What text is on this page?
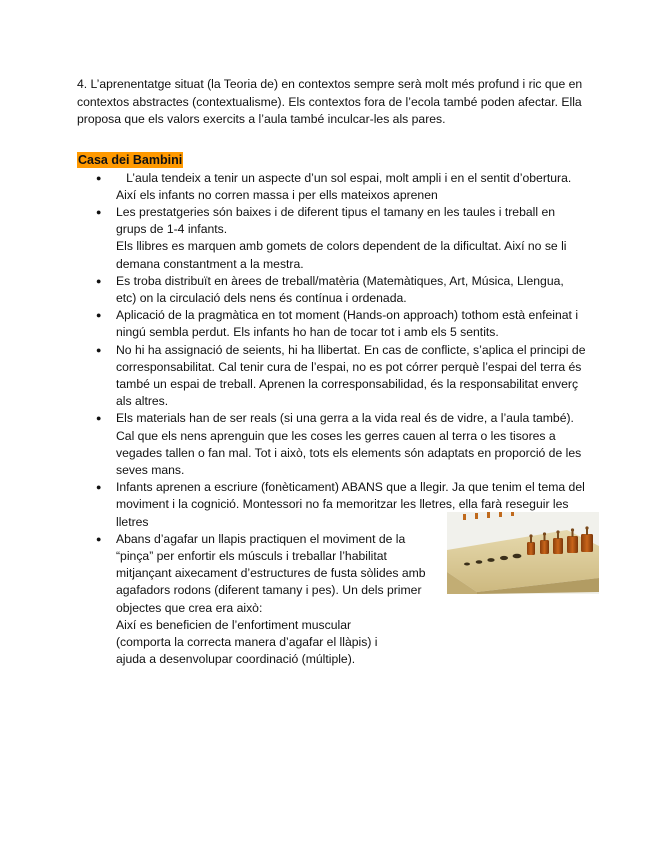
4. L’aprenentatge situat (la Teoria de) en contextos sempre serà molt més profund i ric que en contextos abstractes (contextualisme). Els contextos fora de l’ecola també poden afectar. Ella proposa que els valors exercits a l’aula també inculcar-les als pares.

Casa dei Bambini
● L’aula tendeix a tenir un aspecte d’un sol espai, molt ampli i en el sentit d’obertura. Així els infants no corren massa i per ells mateixos aprenen
● Les prestatgeries són baixes i de diferent tipus el tamany en les taules i treball en grups de 1-4 infants.
Els llibres es marquen amb gomets de colors dependent de la dificultat. Així no se li demana constantment a la mestra.
● Es troba distribuït en àrees de treball/matèria (Matemàtiques, Art, Música, Llengua, etc) on la circulació dels nens és contínua i ordenada.
● Aplicació de la pragmàtica en tot moment (Hands-on approach) tothom està enfeinat i ningú sembla perdut. Els infants ho han de tocar tot i amb els 5 sentits.
● No hi ha assignació de seients, hi ha llibertat. En cas de conflicte, s’aplica el principi de corresponsabilitat. Cal tenir cura de l’espai, no es pot córrer perquè l’espai del terra és també un espai de treball. Aprenen la corresponsabilidad, és la responsabilitat enverç als altres.
● Els materials han de ser reals (si una gerra a la vida real és de vidre, a l’aula també). Cal que els nens aprenguin que les coses les gerres cauen al terra o les tisores a vegades tallen o fan mal. Tot i això, tots els elements són adaptats en proporció de les seves mans.
● Infants aprenen a escriure (fonèticament) ABANS que a llegir. Ja que tenim el tema del moviment i la cognició. Montessori no fa memoritzar les lletres, ella farà reseguir les lletres
● Abans d’agafar un llapis practiquen el moviment de la “pinça” per enfortir els músculs i treballar l’habilitat mitjançant aixecament d’estructures de fusta sòlides amb agafadors rodons (diferent tamany i pes). Un dels primer objectes que crea era això:
Així es beneficien de l’enfortiment muscular (comporta la correcta manera d’agafar el llàpis) i ajuda a desenvolupar coordinació (múltiple).
